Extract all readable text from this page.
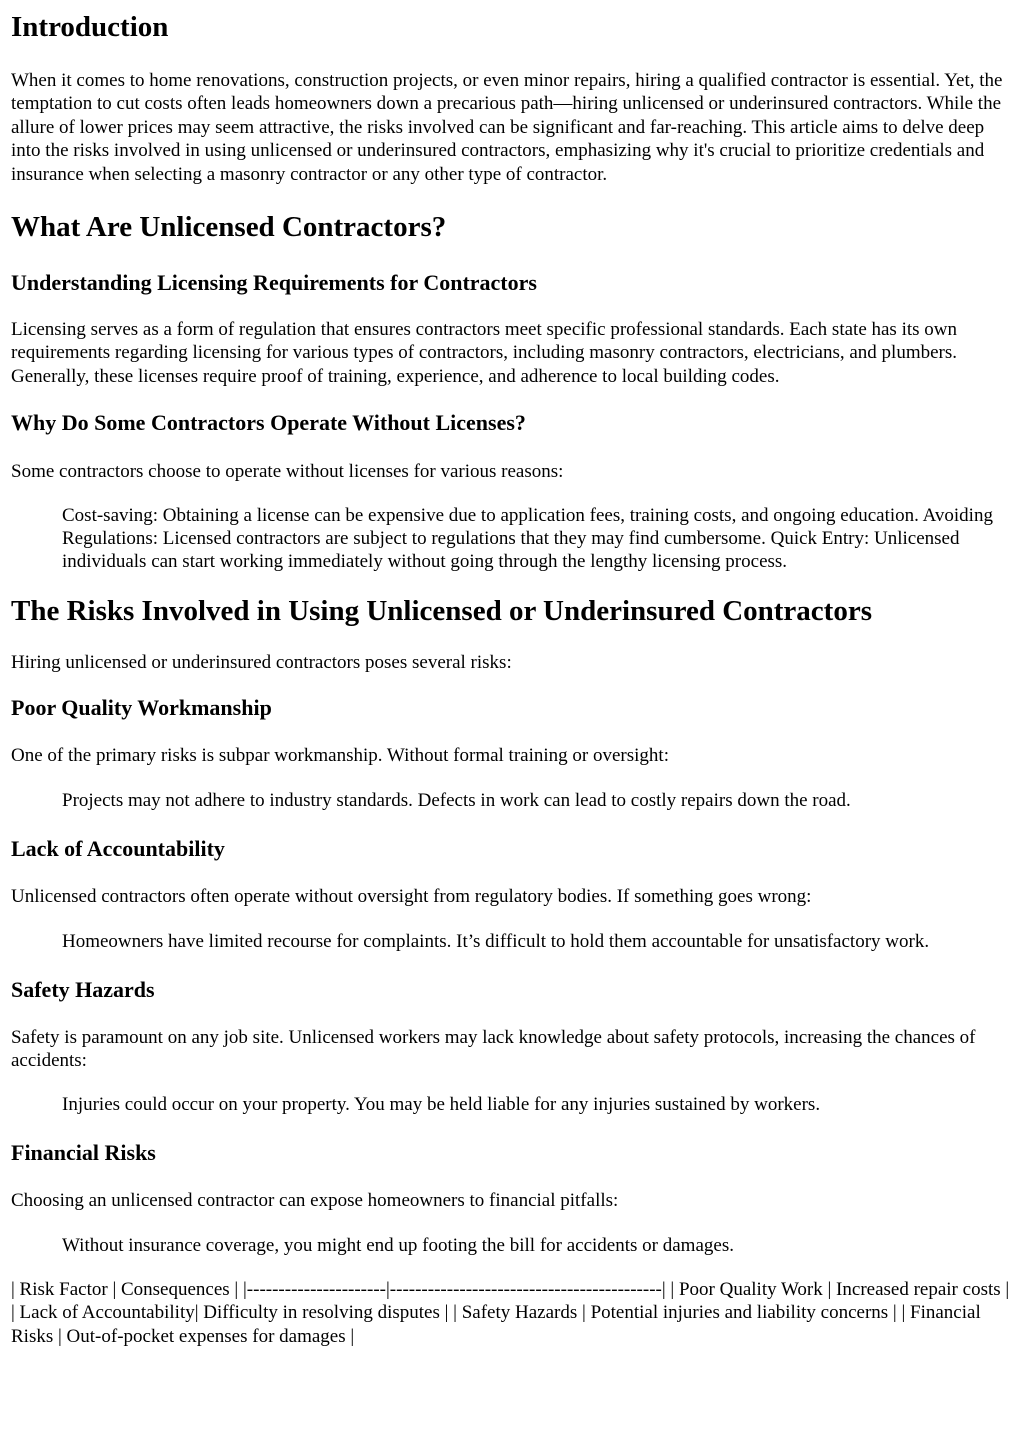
Introduction

When it comes to home renovations, construction projects, or even minor repairs, hiring a qualified contractor is essential. Yet, the temptation to cut costs often leads homeowners down a precarious path—hiring unlicensed or underinsured contractors. While the allure of lower prices may seem attractive, the risks involved can be significant and far-reaching. This article aims to delve deep into the risks involved in using unlicensed or underinsured contractors, emphasizing why it's crucial to prioritize credentials and insurance when selecting a masonry contractor or any other type of contractor.

What Are Unlicensed Contractors?
Understanding Licensing Requirements for Contractors

Licensing serves as a form of regulation that ensures contractors meet specific professional standards. Each state has its own requirements regarding licensing for various types of contractors, including masonry contractors, electricians, and plumbers. Generally, these licenses require proof of training, experience, and adherence to local building codes.

Why Do Some Contractors Operate Without Licenses?

Some contractors choose to operate without licenses for various reasons:

Cost-saving: Obtaining a license can be expensive due to application fees, training costs, and ongoing education. Avoiding Regulations: Licensed contractors are subject to regulations that they may find cumbersome. Quick Entry: Unlicensed individuals can start working immediately without going through the lengthy licensing process.

The Risks Involved in Using Unlicensed or Underinsured Contractors

Hiring unlicensed or underinsured contractors poses several risks:

Poor Quality Workmanship

One of the primary risks is subpar workmanship. Without formal training or oversight:

Projects may not adhere to industry standards. Defects in work can lead to costly repairs down the road.

Lack of Accountability

Unlicensed contractors often operate without oversight from regulatory bodies. If something goes wrong:

Homeowners have limited recourse for complaints. It’s difficult to hold them accountable for unsatisfactory work.

Safety Hazards

Safety is paramount on any job site. Unlicensed workers may lack knowledge about safety protocols, increasing the chances of accidents:

Injuries could occur on your property. You may be held liable for any injuries sustained by workers.

Financial Risks

Choosing an unlicensed contractor can expose homeowners to financial pitfalls:

Without insurance coverage, you might end up footing the bill for accidents or damages.

| Risk Factor | Consequences | |----------------------|-------------------------------------------| | Poor Quality Work | Increased repair costs | | Lack of Accountability| Difficulty in resolving disputes | | Safety Hazards | Potential injuries and liability concerns | | Financial Risks | Out-of-pocket expenses for damages |
